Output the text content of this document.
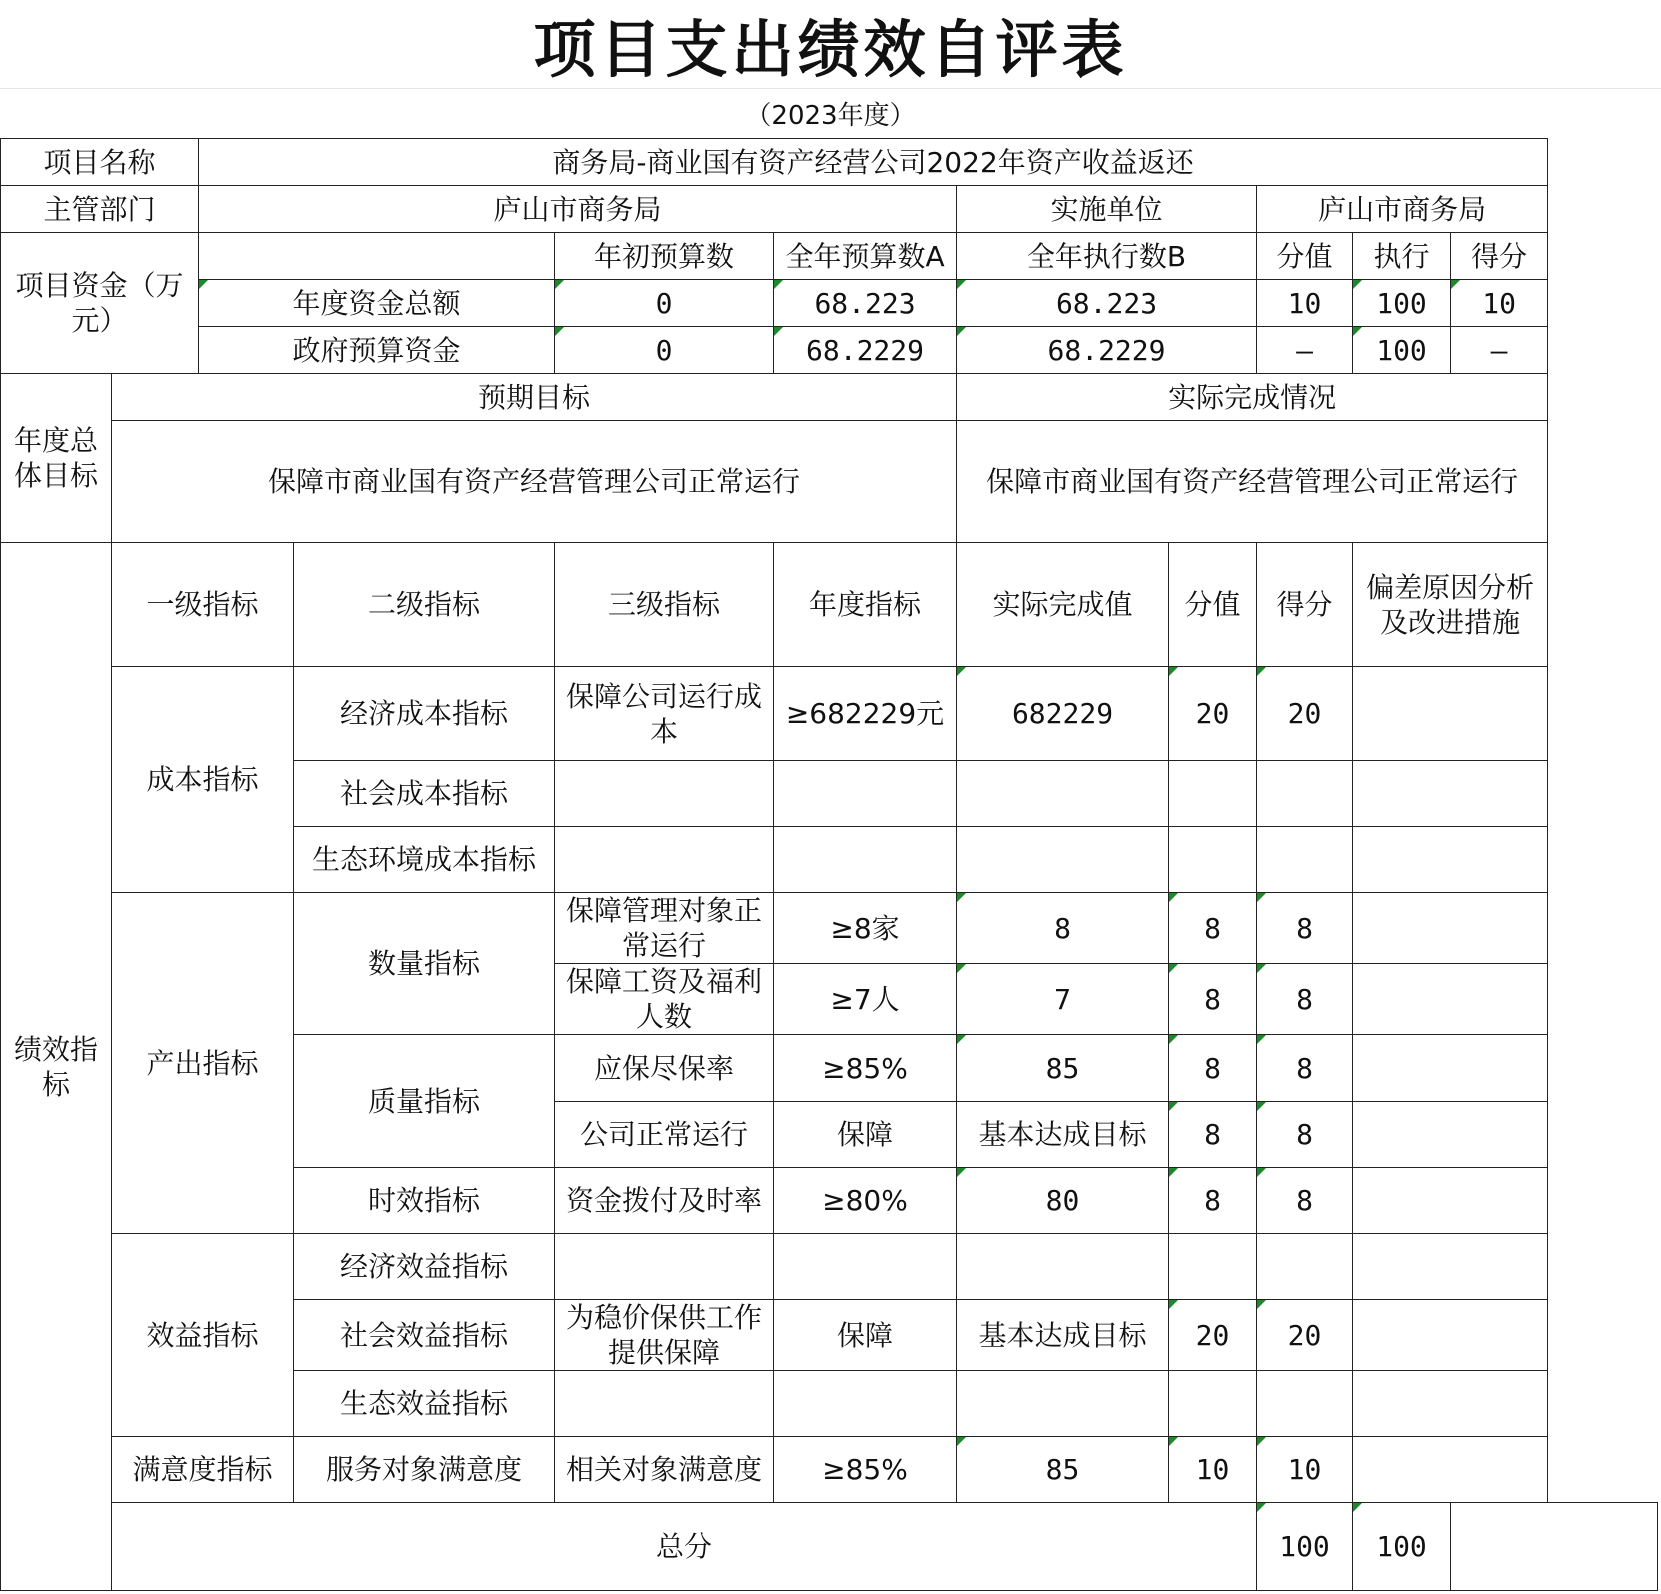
项目支出绩效自评表
（2023年度）
项目名称		商务局-商业国有资产经营公司2022年资产收益返还								
主管部门		庐山市商务局				实施单位		庐山市商务局		
项目资金（万元）				年初预算数	全年预算数A	全年执行数B		分值	执行	得分
		年度资金总额		0	68.223	68.223		10	100	10
		政府预算资金		0	68.2229	68.2229		—	100	—
年度总体目标	预期目标					实际完成情况				
	保障市商业国有资产经营管理公司正常运行					保障市商业国有资产经营管理公司正常运行				
绩效指标	一级指标		二级指标	三级指标	年度指标	实际完成值	分值	得分	偏差原因分析及改进措施	
	成本指标		经济成本指标	保障公司运行成本	≥682229元	682229	20	20		
			社会成本指标							
			生态环境成本指标							
	产出指标		数量指标	保障管理对象正常运行	≥8家	8	8	8		
				保障工资及福利人数	≥7人	7	8	8		
			质量指标	应保尽保率	≥85%	85	8	8		
				公司正常运行	保障	基本达成目标	8	8		
			时效指标	资金拨付及时率	≥80%	80	8	8		
	效益指标		经济效益指标							
			社会效益指标	为稳价保供工作提供保障	保障	基本达成目标	20	20		
			生态效益指标							
	满意度指标		服务对象满意度	相关对象满意度	≥85%	85	10	10		
	总分							100	100	
